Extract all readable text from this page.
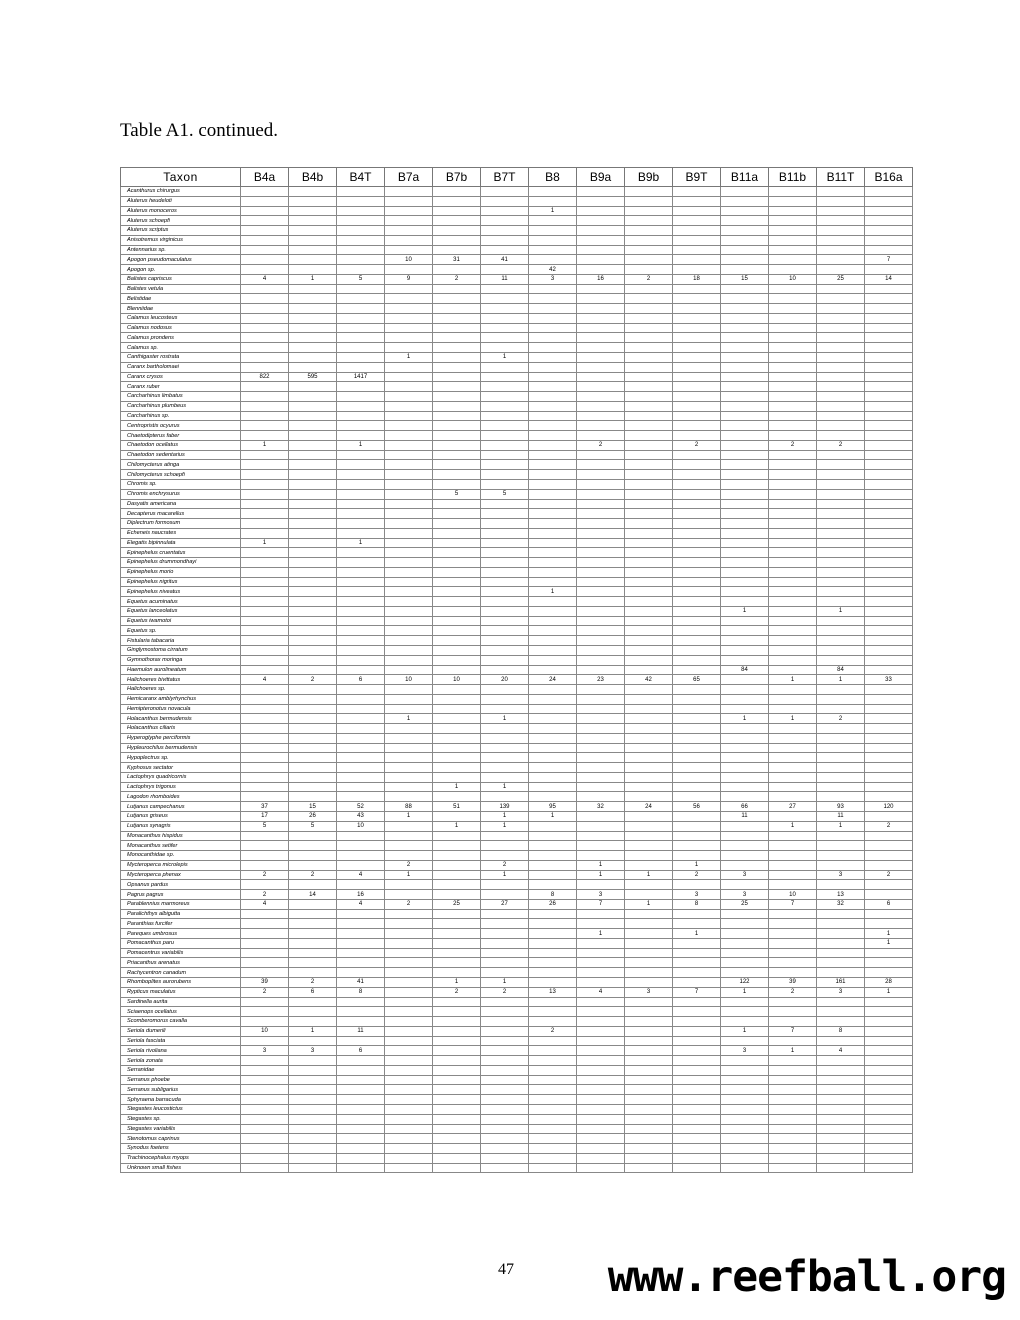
Table A1. continued.
Taxon	B4a	B4b	B4T	B7a	B7b	B7T	B8	B9a	B9b	B9T	B11a	B11b	B11T	B16a
Acanthurus chirurgus														
Aluterus heudeloti														
Aluterus monoceros							1							
Aluterus schoepfi														
Aluterus scriptus														
Anisotremus virginicus														
Antennarius sp.														
Apogon pseudomaculatus				10	31	41								7
Apogon sp.							42							
Balistes capriscus	4	1	5	9	2	11	3	16	2	18	15	10	25	14
Balistes vetula														
Belistidae														
Blenniidae														
Calamus leucosteus														
Calamus nodosus														
Calamus prondens														
Calamus sp.														
Canthigaster rostrata				1		1								
Caranx bartholomaei														
Caranx crysos	822	595	1417											
Caranx ruber														
Carcharhinus limbatus														
Carcharhinus plumbeus														
Carcharhinus sp.														
Centropristis ocyurus														
Chaetodipterus faber														
Chaetodon ocellatus	1		1					2		2		2	2	
Chaetodon sedentarius														
Chilomycterus atinga														
Chilomycterus schoepfi														
Chromis sp.														
Chromis enchrysurus					5	5								
Dasyatis americana														
Decapterus macarellus														
Diplectrum formosum														
Echeneis naucrates														
Elegatis bipinnulata	1		1											
Epinephelus cruentatus														
Epinephelus drummondhayi														
Epinephelus morio														
Epinephelus nigritus														
Epinephelus niveatus							1							
Equetus acuminatus														
Equetus lanceolatus											1		1	
Equetus iwamotoi														
Equetus sp.														
Fistularia tabacaria														
Ginglymostoma cirratum														
Gymnothorax moringa														
Haemulon aurolineatum											84		84	
Halichoeres bivittatus	4	2	6	10	10	20	24	23	42	65		1	1	33
Halichoeres sp.														
Hemicaranx amblyrhynchus														
Hemipteronotus novacula														
Holacanthus bermudensis				1		1					1	1	2	
Holacanthus ciliaris														
Hyperoglyphe perciformis														
Hypleurochilus bermudensis														
Hypoplectrus sp.														
Kyphosus sectator														
Lactophrys quadricornis														
Lactophrys trigonus					1	1								
Lagodon rhomboides														
Lutjanus campechanus	37	15	52	88	51	139	95	32	24	56	66	27	93	120
Lutjanus griseus	17	26	43	1		1	1				11		11	
Lutjanus synagris	5	5	10		1	1						1	1	2
Monacanthus hispidus														
Monacanthus setifer														
Monocanthidae sp.														
Mycteroperca microlepis				2		2		1		1				
Mycteroperca phenax	2	2	4	1		1		1	1	2	3		3	2
Opsanus pardus														
Pagrus pagrus	2	14	16				8	3		3	3	10	13	
Parablennius marmoreus	4		4	2	25	27	26	7	1	8	25	7	32	6
Paralichthys albigutta														
Paranthias furcifer														
Pareques umbrosus								1		1				1
Pomacanthus paru														1
Pomacentrus variabilis														
Priacanthus arenatus														
Rachycentron canadum														
Rhomboplites aurorubens	39	2	41		1	1					122	39	161	28
Rypticus maculatus	2	6	8		2	2	13	4	3	7	1	2	3	1
Sardinella aurita														
Sciaenops ocellatus														
Scomberomorus cavalla														
Seriola dumerili	10	1	11				2				1	7	8	
Seriola fasciata														
Seriola rivoliana	3	3	6								3	1	4	
Seriola zonata														
Serranidae														
Serranus phoebe														
Serranus subligarius														
Sphyraena barracuda														
Stegastes leucostictus														
Stegastes sp.														
Stegastes variabilis														
Stenotomus caprinus														
Synodus foetens														
Trachinocephalus myops														
Unknown small fishes														
47 www.reefball.org
